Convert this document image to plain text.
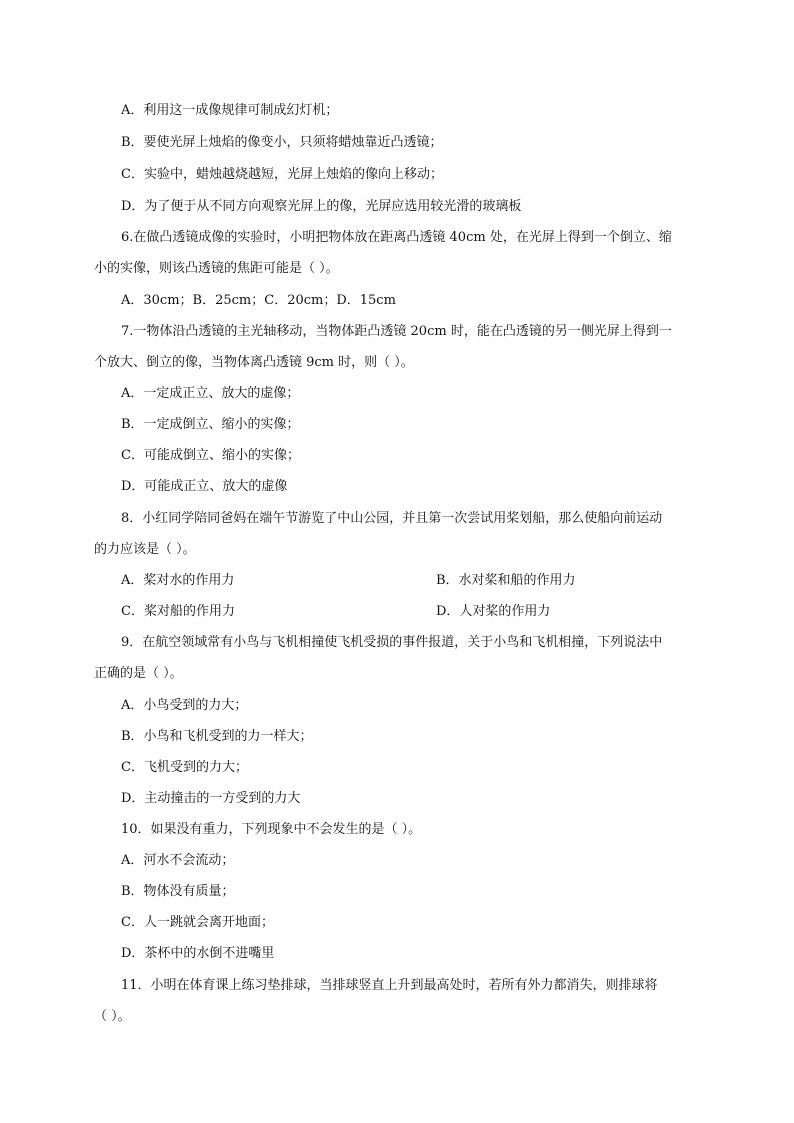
A．利用这一成像规律可制成幻灯机；
B．要使光屏上烛焰的像变小，只须将蜡烛靠近凸透镜；
C．实验中，蜡烛越烧越短，光屏上烛焰的像向上移动；
D．为了便于从不同方向观察光屏上的像，光屏应选用较光滑的玻璃板
6.在做凸透镜成像的实验时，小明把物体放在距离凸透镜 40cm 处，在光屏上得到一个倒立、缩
小的实像，则该凸透镜的焦距可能是（ ）。
A．30cm；B．25cm；C．20cm；D．15cm
7.一物体沿凸透镜的主光轴移动，当物体距凸透镜 20cm 时，能在凸透镜的另一侧光屏上得到一
个放大、倒立的像，当物体离凸透镜 9cm 时，则（ ）。
A．一定成正立、放大的虚像；
B．一定成倒立、缩小的实像；
C．可能成倒立、缩小的实像；
D．可能成正立、放大的虚像
8．小红同学陪同爸妈在端午节游览了中山公园，并且第一次尝试用桨划船，那么使船向前运动
的力应该是（ ）。
A．桨对水的作用力	B．水对桨和船的作用力
C．桨对船的作用力	D．人对桨的作用力
9．在航空领域常有小鸟与飞机相撞使飞机受损的事件报道，关于小鸟和飞机相撞，下列说法中
正确的是（ ）。
A．小鸟受到的力大；
B．小鸟和飞机受到的力一样大；
C．飞机受到的力大；
D．主动撞击的一方受到的力大
10．如果没有重力，下列现象中不会发生的是（ ）。
A．河水不会流动；
B．物体没有质量；
C．人一跳就会离开地面；
D．茶杯中的水倒不进嘴里
11．小明在体育课上练习垫排球，当排球竖直上升到最高处时，若所有外力都消失，则排球将
（ ）。
